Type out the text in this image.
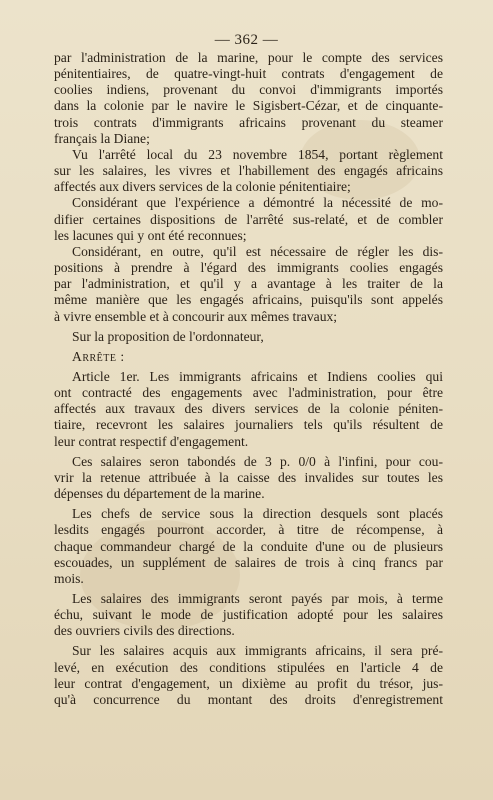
— 362 —

par l'administration de la marine, pour le compte des services
pénitentiaires, de quatre-vingt-huit contrats d'engagement de
coolies indiens, provenant du convoi d'immigrants importés
dans la colonie par le navire le Sigisbert-Cézar, et de cinquante-
trois contrats d'immigrants africains provenant du steamer
français la Diane;

Vu l'arrêté local du 23 novembre 1854, portant règlement
sur les salaires, les vivres et l'habillement des engagés africains
affectés aux divers services de la colonie pénitentiaire;

Considérant que l'expérience a démontré la nécessité de mo-
difier certaines dispositions de l'arrêté sus-relaté, et de combler
les lacunes qui y ont été reconnues;

Considérant, en outre, qu'il est nécessaire de régler les dis-
positions à prendre à l'égard des immigrants coolies engagés
par l'administration, et qu'il y a avantage à les traiter de la
même manière que les engagés africains, puisqu'ils sont appelés
à vivre ensemble et à concourir aux mêmes travaux;

Sur la proposition de l'ordonnateur,

Arrête :

Article 1er. Les immigrants africains et Indiens coolies qui
ont contracté des engagements avec l'administration, pour être
affectés aux travaux des divers services de la colonie péniten-
tiaire, recevront les salaires journaliers tels qu'ils résultent de
leur contrat respectif d'engagement.

Ces salaires seron tabondés de 3 p. 0/0 à l'infini, pour cou-
vrir la retenue attribuée à la caisse des invalides sur toutes les
dépenses du département de la marine.

Les chefs de service sous la direction desquels sont placés
lesdits engagés pourront accorder, à titre de récompense, à
chaque commandeur chargé de la conduite d'une ou de plusieurs
escouades, un supplément de salaires de trois à cinq francs par
mois.

Les salaires des immigrants seront payés par mois, à terme
échu, suivant le mode de justification adopté pour les salaires
des ouvriers civils des directions.

Sur les salaires acquis aux immigrants africains, il sera pré-
levé, en exécution des conditions stipulées en l'article 4 de
leur contrat d'engagement, un dixième au profit du trésor, jus-
qu'à concurrence du montant des droits d'enregistrement
